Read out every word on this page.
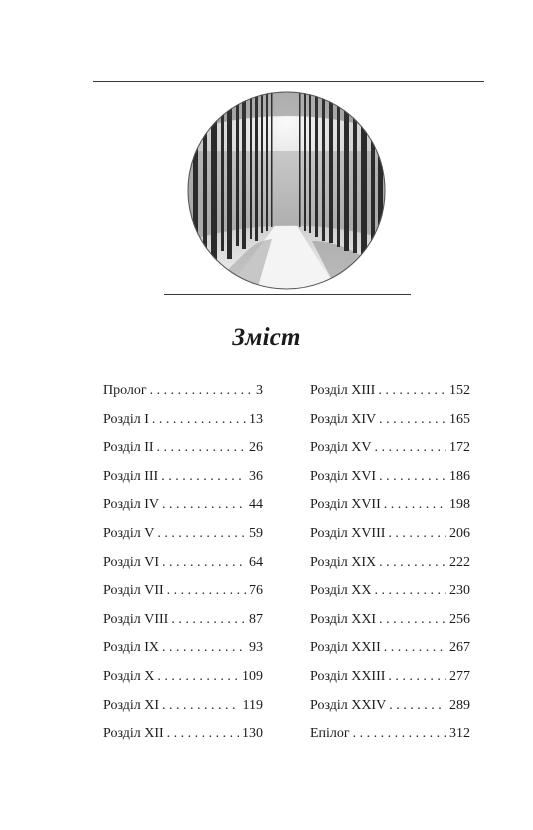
Зміст
Пролог . . .	3
Розділ I . . .	13
Розділ II . . .	26
Розділ III . . .	36
Розділ IV . . .	44
Розділ V . . .	59
Розділ VI . . .	64
Розділ VII . . .	76
Розділ VIII . . .	87
Розділ IX . . .	93
Розділ X . . .	109
Розділ XI . . .	119
Розділ XII . . .	130
Розділ XIII . . .	152
Розділ XIV . . .	165
Розділ XV . . .	172
Розділ XVI . . .	186
Розділ XVII . . .	198
Розділ XVIII . . .	206
Розділ XIX . . .	222
Розділ XX . . .	230
Розділ XXI . . .	256
Розділ XXII . . .	267
Розділ XXIII . . .	277
Розділ XXIV . . .	289
Епілог . . .	312
